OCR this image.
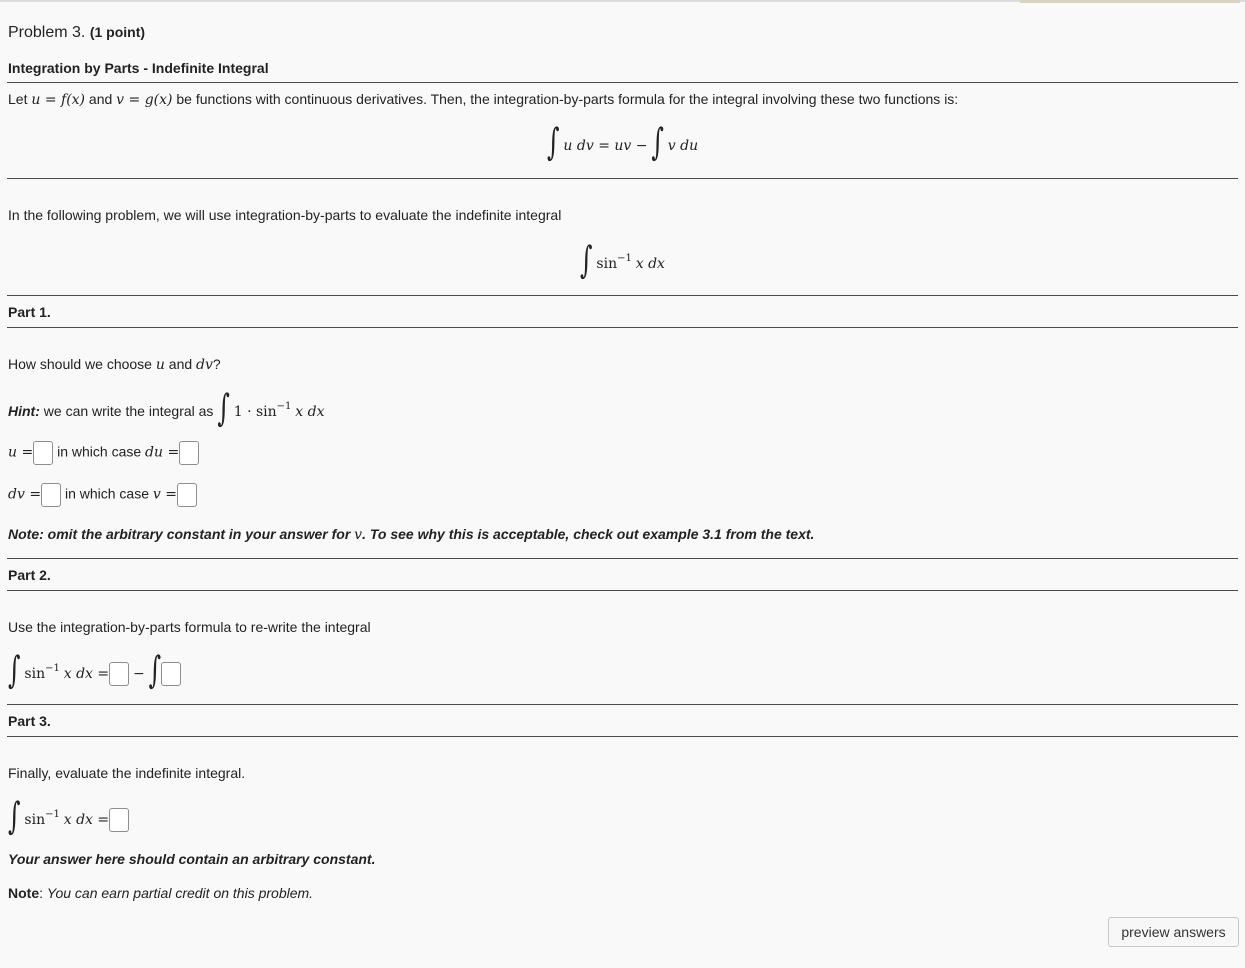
Problem 3. (1 point)
Integration by Parts - Indefinite Integral
Let u = f(x) and v = g(x) be functions with continuous derivatives. Then, the integration-by-parts formula for the integral involving these two functions is:
∫ u dv = uv − ∫ v du
In the following problem, we will use integration-by-parts to evaluate the indefinite integral
∫ $\sin^{-1} x$ dx
Part 1.
How should we choose u and dv?
Hint: we can write the integral as ∫ $1 \cdot \sin^{-1} x$ dx
u = in which case du =
dv = in which case v =
Note: omit the arbitrary constant in your answer for v. To see why this is acceptable, check out example 3.1 from the text.
Part 2.
Use the integration-by-parts formula to re-write the integral
∫ $\sin^{-1} x$ dx = − ∫
Part 3.
Finally, evaluate the indefinite integral.
∫ $\sin^{-1} x$ dx =
Your answer here should contain an arbitrary constant.
Note: You can earn partial credit on this problem.
preview answers
